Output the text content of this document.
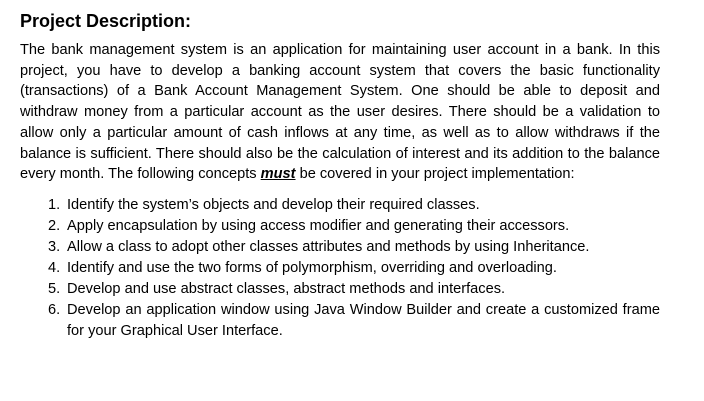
Project Description:

The bank management system is an application for maintaining user account in a bank. In this project, you have to develop a banking account system that covers the basic functionality (transactions) of a Bank Account Management System. One should be able to deposit and withdraw money from a particular account as the user desires. There should be a validation to allow only a particular amount of cash inflows at any time, as well as to allow withdraws if the balance is sufficient. There should also be the calculation of interest and its addition to the balance every month. The following concepts must be covered in your project implementation:

1. Identify the system’s objects and develop their required classes.
2. Apply encapsulation by using access modifier and generating their accessors.
3. Allow a class to adopt other classes attributes and methods by using Inheritance.
4. Identify and use the two forms of polymorphism, overriding and overloading.
5. Develop and use abstract classes, abstract methods and interfaces.
6. Develop an application window using Java Window Builder and create a customized frame for your Graphical User Interface.
